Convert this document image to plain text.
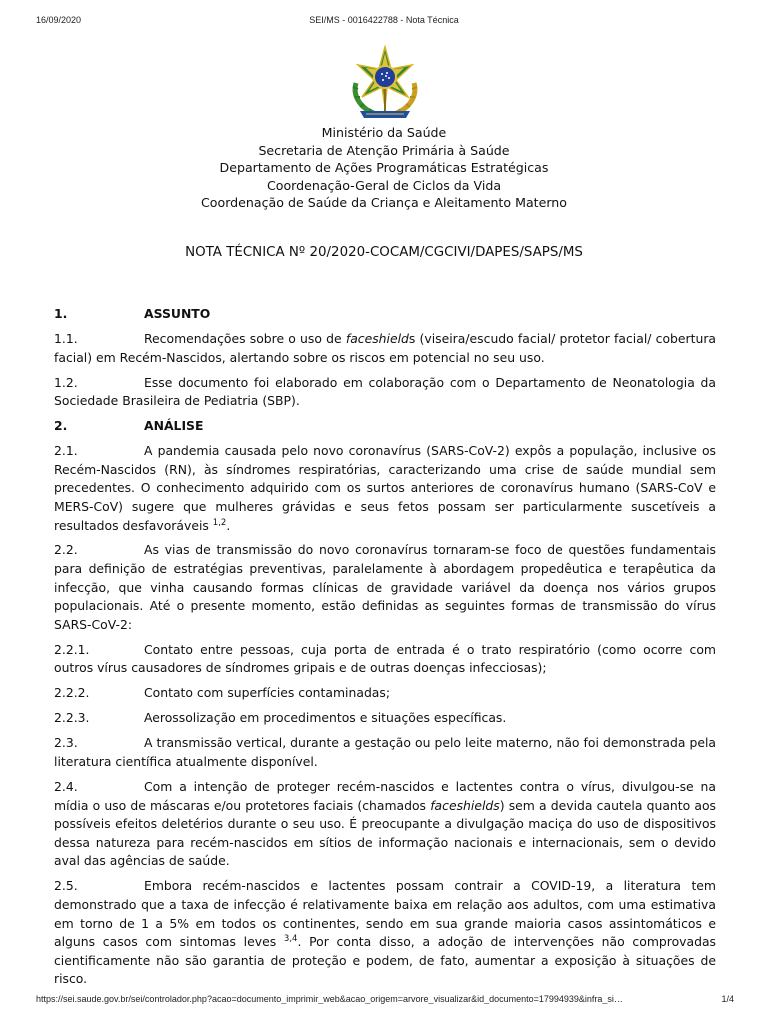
16/09/2020	SEI/MS - 0016422788 - Nota Técnica
Ministério da Saúde
Secretaria de Atenção Primária à Saúde
Departamento de Ações Programáticas Estratégicas
Coordenação-Geral de Ciclos da Vida
Coordenação de Saúde da Criança e Aleitamento Materno
NOTA TÉCNICA Nº 20/2020-COCAM/CGCIVI/DAPES/SAPS/MS

1.	ASSUNTO

1.1.	Recomendações sobre o uso de faceshields (viseira/escudo facial/ protetor facial/ cobertura facial) em Recém-Nascidos, alertando sobre os riscos em potencial no seu uso.

1.2.	Esse documento foi elaborado em colaboração com o Departamento de Neonatologia da Sociedade Brasileira de Pediatria (SBP).

2.	ANÁLISE

2.1.	A pandemia causada pelo novo coronavírus (SARS-CoV-2) expôs a população, inclusive os Recém-Nascidos (RN), às síndromes respiratórias, caracterizando uma crise de saúde mundial sem precedentes. O conhecimento adquirido com os surtos anteriores de coronavírus humano (SARS-CoV e MERS-CoV) sugere que mulheres grávidas e seus fetos possam ser particularmente suscetíveis a resultados desfavoráveis $^{1,2}$.

2.2.	As vias de transmissão do novo coronavírus tornaram-se foco de questões fundamentais para definição de estratégias preventivas, paralelamente à abordagem propedêutica e terapêutica da infecção, que vinha causando formas clínicas de gravidade variável da doença nos vários grupos populacionais. Até o presente momento, estão definidas as seguintes formas de transmissão do vírus SARS-CoV-2:

2.2.1.	Contato entre pessoas, cuja porta de entrada é o trato respiratório (como ocorre com outros vírus causadores de síndromes gripais e de outras doenças infecciosas);

2.2.2.	Contato com superfícies contaminadas;

2.2.3.	Aerossolização em procedimentos e situações específicas.

2.3.	A transmissão vertical, durante a gestação ou pelo leite materno, não foi demonstrada pela literatura científica atualmente disponível.

2.4.	Com a intenção de proteger recém-nascidos e lactentes contra o vírus, divulgou-se na mídia o uso de máscaras e/ou protetores faciais (chamados faceshields) sem a devida cautela quanto aos possíveis efeitos deletérios durante o seu uso. É preocupante a divulgação maciça do uso de dispositivos dessa natureza para recém-nascidos em sítios de informação nacionais e internacionais, sem o devido aval das agências de saúde.

2.5.	Embora recém-nascidos e lactentes possam contrair a COVID-19, a literatura tem demonstrado que a taxa de infecção é relativamente baixa em relação aos adultos, com uma estimativa em torno de 1 a 5% em todos os continentes, sendo em sua grande maioria casos assintomáticos e alguns casos com sintomas leves $^{3,4}$. Por conta disso, a adoção de intervenções não comprovadas cientificamente não são garantia de proteção e podem, de fato, aumentar a exposição à situações de risco.

https://sei.saude.gov.br/sei/controlador.php?acao=documento_imprimir_web&acao_origem=arvore_visualizar&id_documento=17994939&infra_si…	1/4
